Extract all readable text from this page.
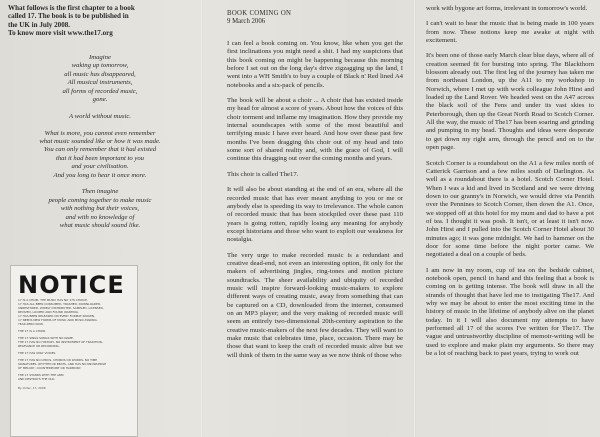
What follows is the first chapter to a book
called 17. The book is to be published in
the UK in July 2008.
To know more visit www.the17.org

Imagine

waking up tomorrow,

all music has disappeared,

All musical instruments,

all forms of recorded music,

gone.

A world without music.

What is more, you cannot even remember

what music sounded like or how it was made.

You can only remember that it had existed

that it had been important to you

and your civilisation.

And you long to hear it once more.

Then imagine

people coming together to make music

with nothing but their voices,

and with no knowledge of

what music should sound like.

NOTICE

17 IS A CHOIR. THE MUSIC HAS NO 17S CHOICE.

17 HAS ALL BEEN CONSUMED, TRASHED, DOWNLOADED,

UNRESTORED, WIDELY DISTRIBUTED, SAMPLED, LICENSED,

REVIVED, LOOPED AND FOUND WANTING.

17 HAS BEEN RELEASED ON EVERY FORMAT KNOWN.

17 NEEDS NEW FORMS OF MUSIC AND MUSIC-MAKING.

YEAR ZERO NOW.

THE 17 IS A CHOIR.

THE 17 SINGS SONGS WITH NO NAME.

THE 17 HAS NO HISTORY, NO INSTRUMENT OF TRADITION,

RELEVANCE OR RECORDING.

THE 17 HAS ONLY VOICES.

THE 17 HAS NO LYRICS, CHORDS OR WORDS, NO TIME

SIGNATURES, RHYTHM OR BEATS, AND HAS NO KNOWLEDGE

OF MELODY, COUNTERPOINT OR HARMONY.

THE 17 STANDS WITH THE ARM

AND DESTROYS THE OLD.

By Order, 17, 2008

BOOK COMING ON

9 March 2006

I can feel a book coming on. You know, like when you get the first inclinations you might need a shit. I had my suspicions that this book coming on might be happening because this morning before I set out on the long day's drive zigzagging up the land, I went into a WH Smith's to buy a couple of Black n' Red lined A4 notebooks and a six-pack of pencils.

The book will be about a choir ... A choir that has existed inside my head for almost a score of years. About how the voices of this choir torment and inflame my imagination. How they provide my internal soundscapes with some of the most beautiful and terrifying music I have ever heard. And how over these past few months I've been dragging this choir out of my head and into some sort of shared reality and, with the grace of God, I will continue this dragging out over the coming months and years.

This choir is called The17.

It will also be about standing at the end of an era, where all the recorded music that has ever meant anything to you or me or anybody else is speeding its way to irrelevance. The whole canon of recorded music that has been stockpiled over these past 110 years is going rotten, rapidly losing any meaning for anybody except historians and those who want to exploit our weakness for nostalgia.

The very urge to make recorded music is a redundant and creative dead-end, not even an interesting option, fit only for the makers of advertising jingles, ring-tones and motion picture soundtracks. The sheer availability and ubiquity of recorded music will inspire forward-looking music-makers to explore different ways of creating music, away from something that can be captured on a CD, downloaded from the internet, consumed on an MP3 player; and the very making of recorded music will seem an entirely two-dimensional 20th-century aspiration to the creative music-makers of the next few decades. They will want to make music that celebrates time, place, occasion. There may be those that want to keep the craft of recorded music alive but we will think of them in the same way as we now think of those who

work with bygone art forms, irrelevant in tomorrow's world.

I can't wait to hear the music that is being made in 100 years from now. These notions keep me awake at night with excitement.

It's been one of those early March clear blue days, where all of creation seemed fit for bursting into spring. The Blackthorn blossom already out. The first leg of the journey has taken me from northeast London, up the A11 to my workshop in Norwich, where I met up with work colleague John Hirst and loaded up the Land Rover. We headed west on the A47 across the black soil of the Fens and under its vast skies to Peterborough, then up the Great North Road to Scotch Corner. All the way, the music of The17 has been soaring and grinding and pumping in my head. Thoughts and ideas were desperate to get down my right arm, through the pencil and on to the open page.

Scotch Corner is a roundabout on the A1 a few miles north of Catterick Garrison and a few miles south of Darlington. As well as a roundabout there is a hotel. Scotch Corner Hotel. When I was a kid and lived in Scotland and we were driving down to our granny's in Norwich, we would drive via Penrith over the Pennines to Scotch Corner, then down the A1. Once, we stopped off at this hotel for my mum and dad to have a pot of tea. I thought it was posh. It isn't, or at least it isn't now. John Hirst and I pulled into the Scotch Corner Hotel about 30 minutes ago; it was gone midnight. We had to hammer on the door for some time before the night porter came. We negotiated a deal on a couple of beds.

I am now in my room, cup of tea on the bedside cabinet, notebook open, pencil in hand and this feeling that a book is coming on is getting intense. The book will draw in all the strands of thought that have led me to instigating The17. And why we may be about to enter the most exciting time in the history of music in the lifetime of anybody alive on the planet today. In it I will also document my attempts to have performed all 17 of the scores I've written for The17. The vague and untrustworthy discipline of memoir-writing will be used to explore and make plain my arguments. So there may be a lot of reaching back to past years, trying to work out
